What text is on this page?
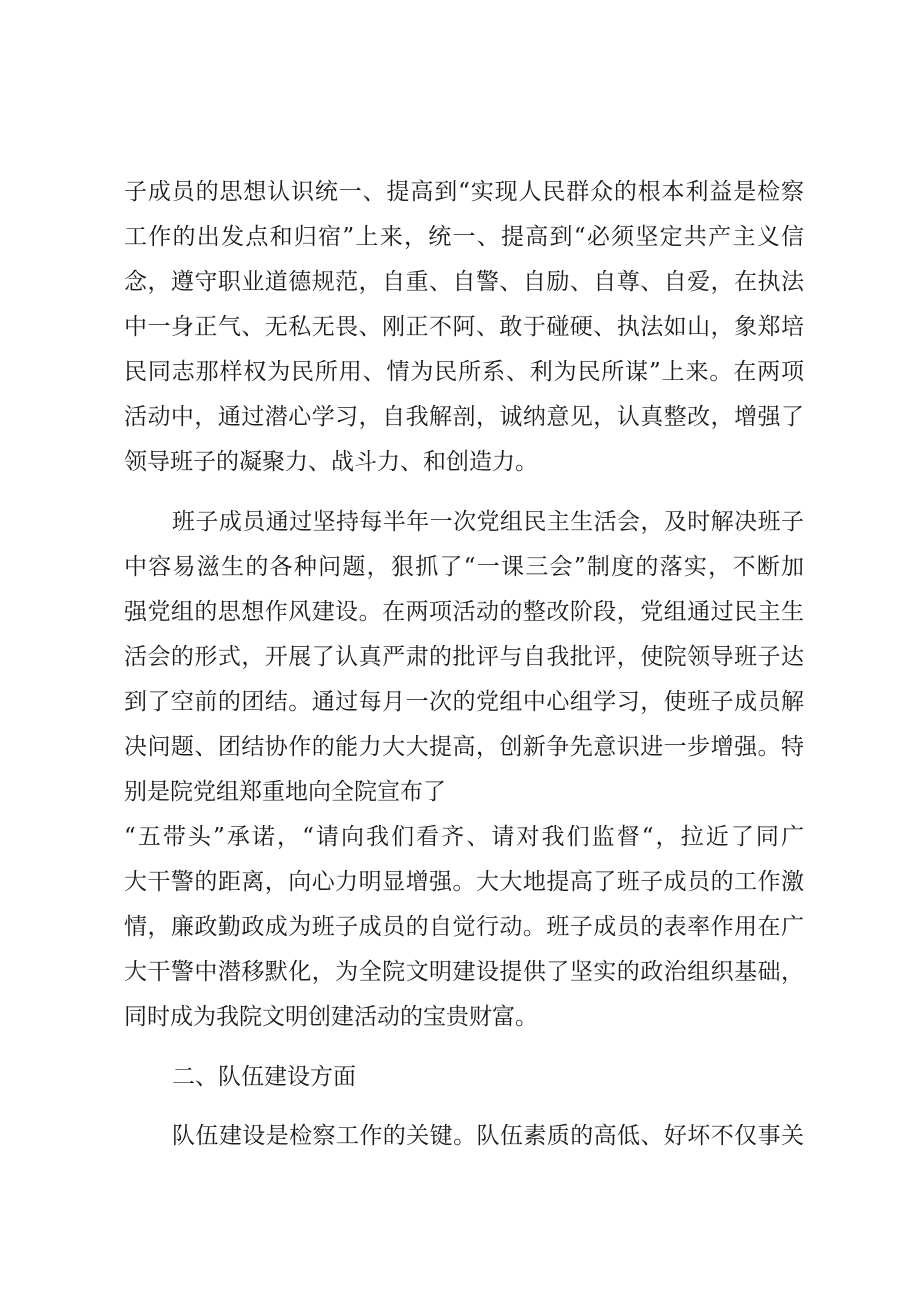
子成员的思想认识统一、提高到“实现人民群众的根本利益是检察
工作的出发点和归宿”上来，统一、提高到“必须坚定共产主义信
念，遵守职业道德规范，自重、自警、自励、自尊、自爱，在执法
中一身正气、无私无畏、刚正不阿、敢于碰硬、执法如山，象郑培
民同志那样权为民所用、情为民所系、利为民所谋”上来。在两项
活动中，通过潜心学习，自我解剖，诚纳意见，认真整改，增强了
领导班子的凝聚力、战斗力、和创造力。
班子成员通过坚持每半年一次党组民主生活会，及时解决班子
中容易滋生的各种问题，狠抓了“一课三会”制度的落实，不断加
强党组的思想作风建设。在两项活动的整改阶段，党组通过民主生
活会的形式，开展了认真严肃的批评与自我批评，使院领导班子达
到了空前的团结。通过每月一次的党组中心组学习，使班子成员解
决问题、团结协作的能力大大提高，创新争先意识进一步增强。特
别是院党组郑重地向全院宣布了
“五带头”承诺，“请向我们看齐、请对我们监督“，拉近了同广
大干警的距离，向心力明显增强。大大地提高了班子成员的工作激
情，廉政勤政成为班子成员的自觉行动。班子成员的表率作用在广
大干警中潜移默化，为全院文明建设提供了坚实的政治组织基础，
同时成为我院文明创建活动的宝贵财富。
二、队伍建设方面
队伍建设是检察工作的关键。队伍素质的高低、好坏不仅事关
